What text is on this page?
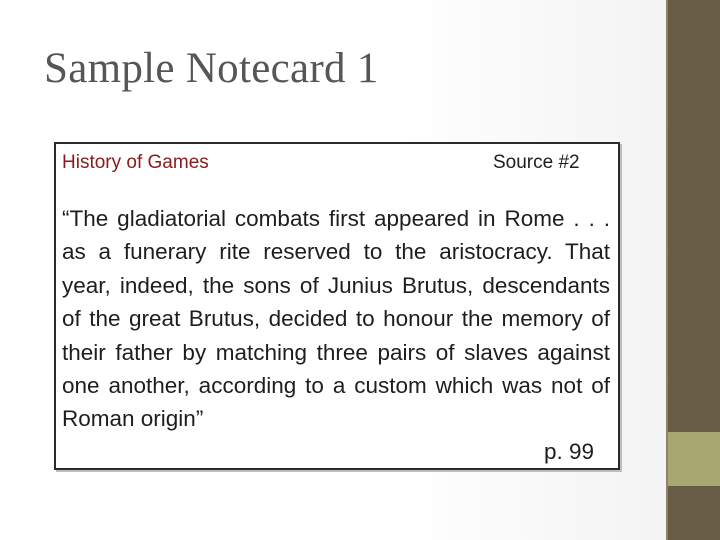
Sample Notecard 1
History of Games	Source #2
“The gladiatorial combats first appeared in Rome . . . as a funerary rite reserved to the aristocracy. That year, indeed, the sons of Junius Brutus, descendants of the great Brutus, decided to honour the memory of their father by matching three pairs of slaves against one another, according to a custom which was not of Roman origin”
p. 99
